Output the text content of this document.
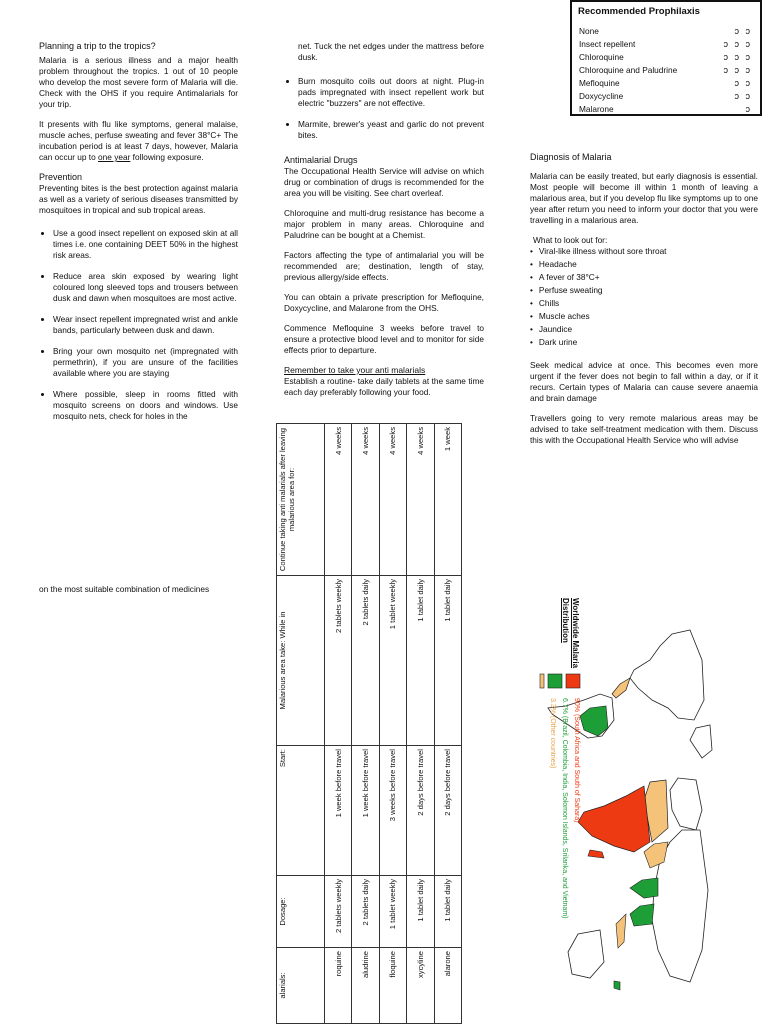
Planning a trip to the tropics?

Malaria is a serious illness and a major health problem throughout the tropics. 1 out of 10 people who develop the most severe form of Malaria will die. Check with the OHS if you require Antimalarials for your trip.

It presents with flu like symptoms, general malaise, muscle aches, perfuse sweating and fever 38°C+ The incubation period is at least 7 days, however, Malaria can occur up to one year following exposure.

Prevention

Preventing bites is the best protection against malaria as well as a variety of serious diseases transmitted by mosquitoes in tropical and sub tropical areas.

• Use a good insect repellent on exposed skin at all times i.e. one containing DEET 50% in the highest risk areas.
• Reduce area skin exposed by wearing light coloured long sleeved tops and trousers between dusk and dawn when mosquitoes are most active.
• Wear insect repellent impregnated wrist and ankle bands, particularly between dusk and dawn.
• Bring your own mosquito net (impregnated with permethrin), if you are unsure of the facilities available where you are staying
• Where possible, sleep in rooms fitted with mosquito screens on doors and windows. Use mosquito nets, check for holes in the

net. Tuck the net edges under the mattress before dusk.

• Burn mosquito coils out doors at night. Plug-in pads impregnated with insect repellent work but electric "buzzers" are not effective.
• Marmite, brewer's yeast and garlic do not prevent bites.
Antimalarial Drugs

The Occupational Health Service will advise on which drug or combination of drugs is recommended for the area you will be visiting. See chart overleaf.

Chloroquine and multi-drug resistance has become a major problem in many areas. Chloroquine and Paludrine can be bought at a Chemist.

Factors affecting the type of antimalarial you will be recommended are; destination, length of stay, previous allergy/side effects.

You can obtain a private prescription for Mefloquine, Doxycycline, and Malarone from the OHS.

Commence Mefloquine 3 weeks before travel to ensure a protective blood level and to monitor for side effects prior to departure.

Remember to take your anti malarials

Establish a routine- take daily tablets at the same time each day preferably following your food.

Recommended Prophilaxis
None	ↄ ↄ
Insect repellent	ↄ ↄ ↄ
Chloroquine	ↄ ↄ ↄ
Chloroquine and Paludrine	ↄ ↄ ↄ
Mefloquine	ↄ ↄ
Doxycycline	ↄ ↄ
Malarone	ↄ
Diagnosis of Malaria

Malaria can be easily treated, but early diagnosis is essential. Most people will become ill within 1 month of leaving a malarious area, but if you develop flu like symptoms up to one year after return you need to inform your doctor that you were travelling in a malarious area.

What to look out for:
• Viral-like illness without sore throat
• Headache
• A fever of 38°C+
• Perfuse sweating
• Chills
• Muscle aches
• Jaundice
• Dark urine

Seek medical advice at once. This becomes even more urgent if the fever does not begin to fall within a day, or if it recurs. Certain types of Malaria can cause severe anaemia and brain damage

Travellers going to very remote malarious areas may be advised to take self-treatment medication with them. Discuss this with the Occupational Health Service who will advise

on the most suitable combination of medicines
alarials:	Dosage:	Start:	Malarious area take: While in	Continue taking anti malarials after leaving malarious area for:
roquine	2 tablets weekly	1 week before travel	2 tablets weekly	4 weeks
aludrine	2 tablets daily	1 week before travel	2 tablets daily	4 weeks
floquine	1 tablet weekly	3 weeks before travel	1 tablet weekly	4 weeks
xycyline	1 tablet daily	2 days before travel	1 tablet daily	4 weeks
alarone	1 tablet daily	2 days before travel	1 tablet daily	1 week
Worldwide Malaria
Distribution
90% (South Africa and South of Sahara)
6.7% (Brazil, Colombia, India, Solomon Islands, Srilanka, and Vietnam)
3.3% (Other countries)
